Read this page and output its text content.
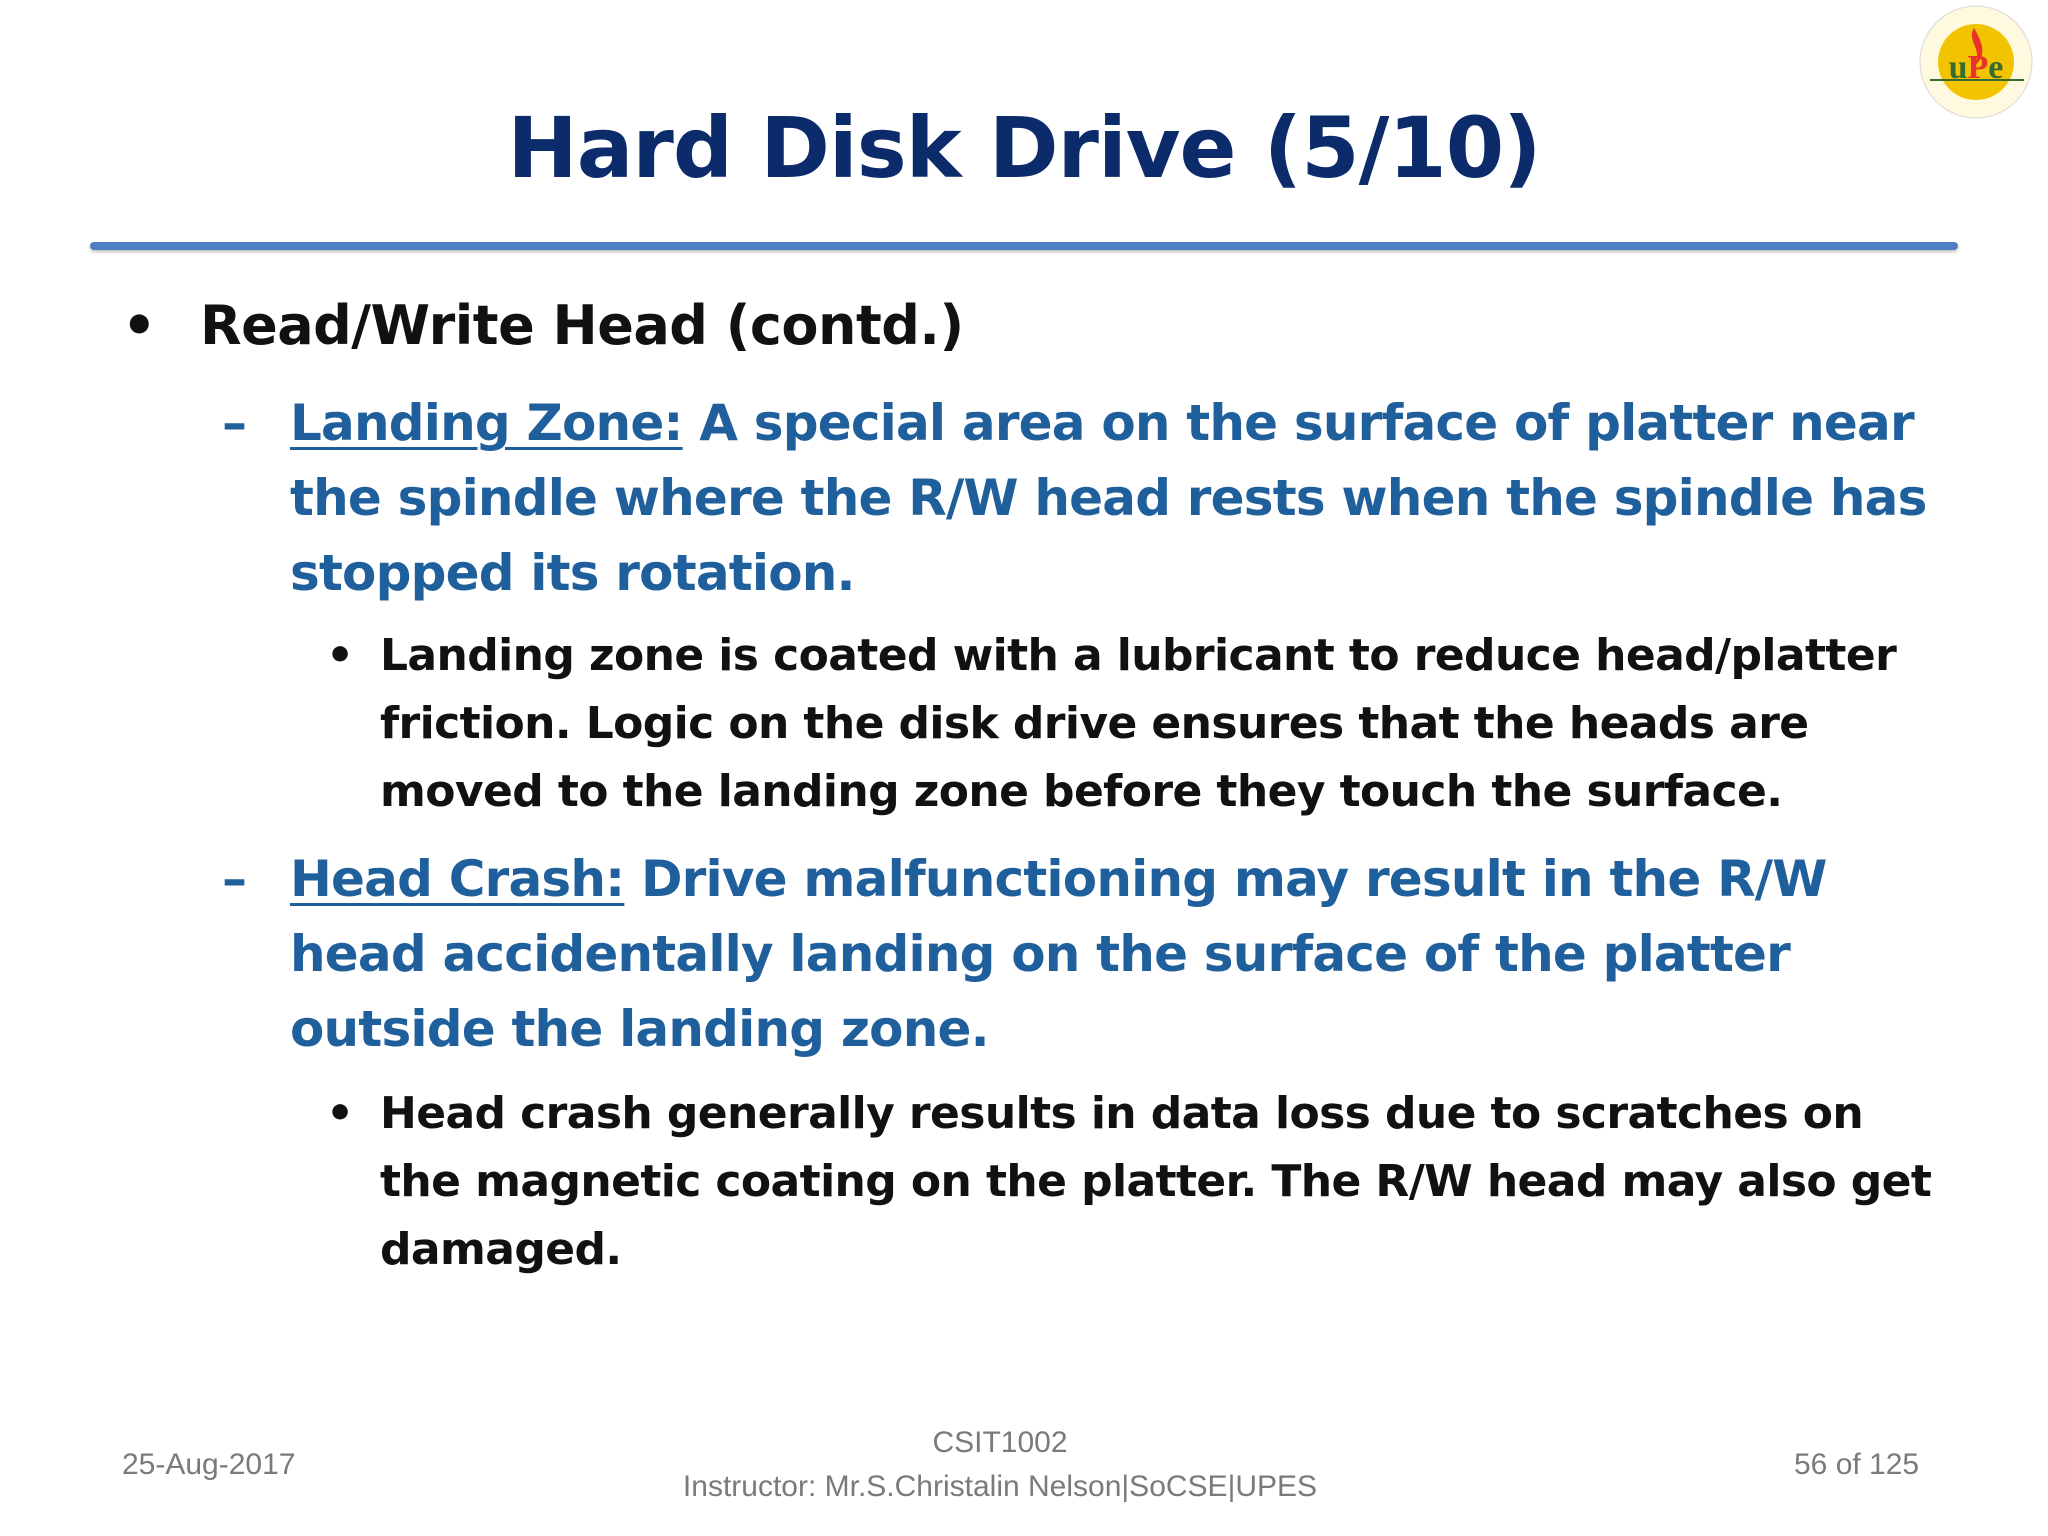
uPe
Hard Disk Drive (5/10)
• Read/Write Head (contd.)
– Landing Zone: A special area on the surface of platter near the spindle where the R/W head rests when the spindle has stopped its rotation.
• Landing zone is coated with a lubricant to reduce head/platter friction. Logic on the disk drive ensures that the heads are moved to the landing zone before they touch the surface.
– Head Crash: Drive malfunctioning may result in the R/W head accidentally landing on the surface of the platter outside the landing zone.
• Head crash generally results in data loss due to scratches on the magnetic coating on the platter. The R/W head may also get damaged.
25-Aug-2017
CSIT1002
Instructor: Mr.S.Christalin Nelson|SoCSE|UPES
56 of 125
